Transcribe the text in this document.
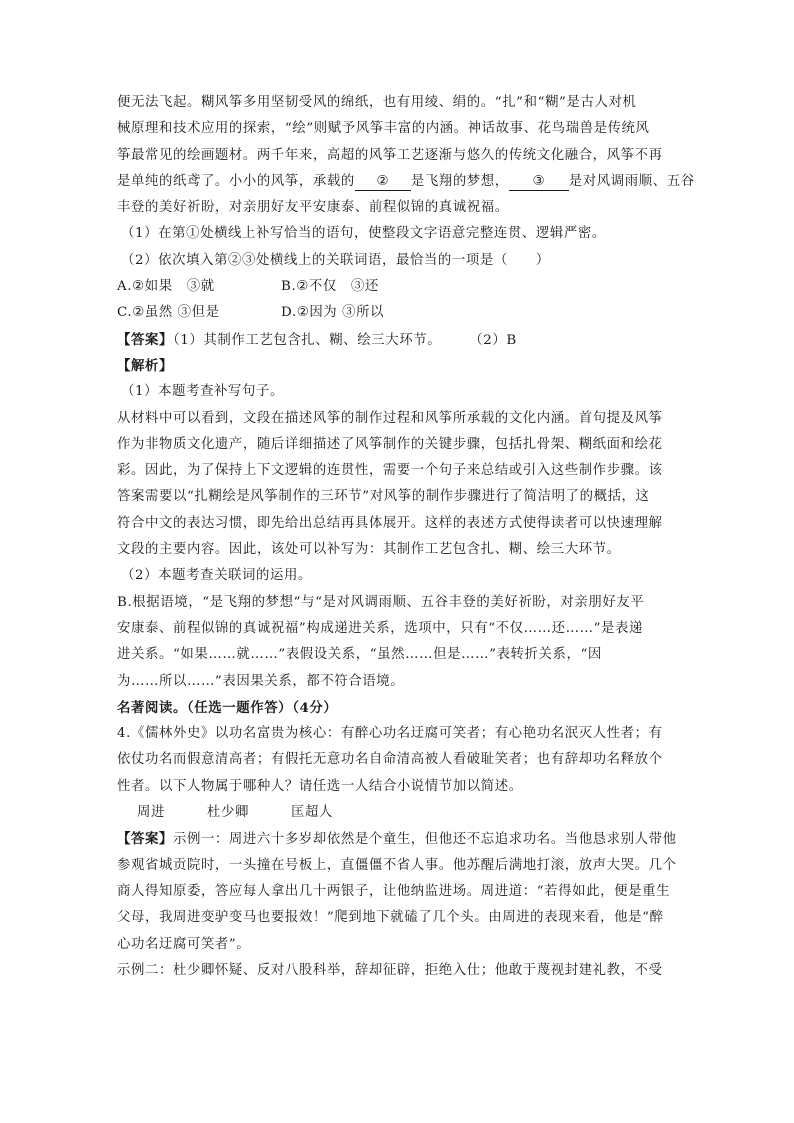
便无法飞起。糊风筝多用坚韧受风的绵纸，也有用绫、绢的。“扎”和“糊”是古人对机
械原理和技术应用的探索，“绘”则赋予风筝丰富的内涵。神话故事、花鸟瑞兽是传统风
筝最常见的绘画题材。两千年来，高超的风筝工艺逐渐与悠久的传统文化融合，风筝不再
是单纯的纸鸢了。小小的风筝，承载的 ② 是飞翔的梦想， ③ 是对风调雨顺、五谷
丰登的美好祈盼，对亲朋好友平安康泰、前程似锦的真诚祝福。
（1）在第①处横线上补写恰当的语句，使整段文字语意完整连贯、逻辑严密。
（2）依次填入第②③处横线上的关联词语，最恰当的一项是（　　）
A.②如果　③就	B.②不仅　③还
C.②虽然 ③但是	D.②因为 ③所以
【答案】（1）其制作工艺包含扎、糊、绘三大环节。 （2）B
【解析】
（1）本题考查补写句子。
从材料中可以看到，文段在描述风筝的制作过程和风筝所承载的文化内涵。首句提及风筝
作为非物质文化遗产，随后详细描述了风筝制作的关键步骤，包括扎骨架、糊纸面和绘花
彩。因此，为了保持上下文逻辑的连贯性，需要一个句子来总结或引入这些制作步骤。该
答案需要以“扎糊绘是风筝制作的三环节”对风筝的制作步骤进行了简洁明了的概括，这
符合中文的表达习惯，即先给出总结再具体展开。这样的表述方式使得读者可以快速理解
文段的主要内容。因此，该处可以补写为：其制作工艺包含扎、糊、绘三大环节。
（2）本题考查关联词的运用。
B.根据语境，“是飞翔的梦想”与“是对风调雨顺、五谷丰登的美好祈盼，对亲朋好友平
安康泰、前程似锦的真诚祝福”构成递进关系，选项中，只有“不仅……还……”是表递
进关系。“如果……就……”表假设关系，“虽然……但是……”表转折关系，“因
为……所以……”表因果关系，都不符合语境。
名著阅读。（任选一题作答）（4分）
4.《儒林外史》以功名富贵为核心：有醉心功名迂腐可笑者；有心艳功名泯灭人性者；有
依仗功名而假意清高者；有假托无意功名自命清高被人看破耻笑者；也有辞却功名释放个
性者。以下人物属于哪种人？请任选一人结合小说情节加以简述。
周进	杜少卿	匡超人
【答案】示例一：周进六十多岁却依然是个童生，但他还不忘追求功名。当他恳求别人带他
参观省城贡院时，一头撞在号板上，直僵僵不省人事。他苏醒后满地打滚，放声大哭。几个
商人得知原委，答应每人拿出几十两银子，让他纳监进场。周进道：“若得如此，便是重生
父母，我周进变驴变马也要报效！”爬到地下就磕了几个头。由周进的表现来看，他是“醉
心功名迂腐可笑者”。
示例二：杜少卿怀疑、反对八股科举，辞却征辟，拒绝入仕；他敢于蔑视封建礼教，不受
